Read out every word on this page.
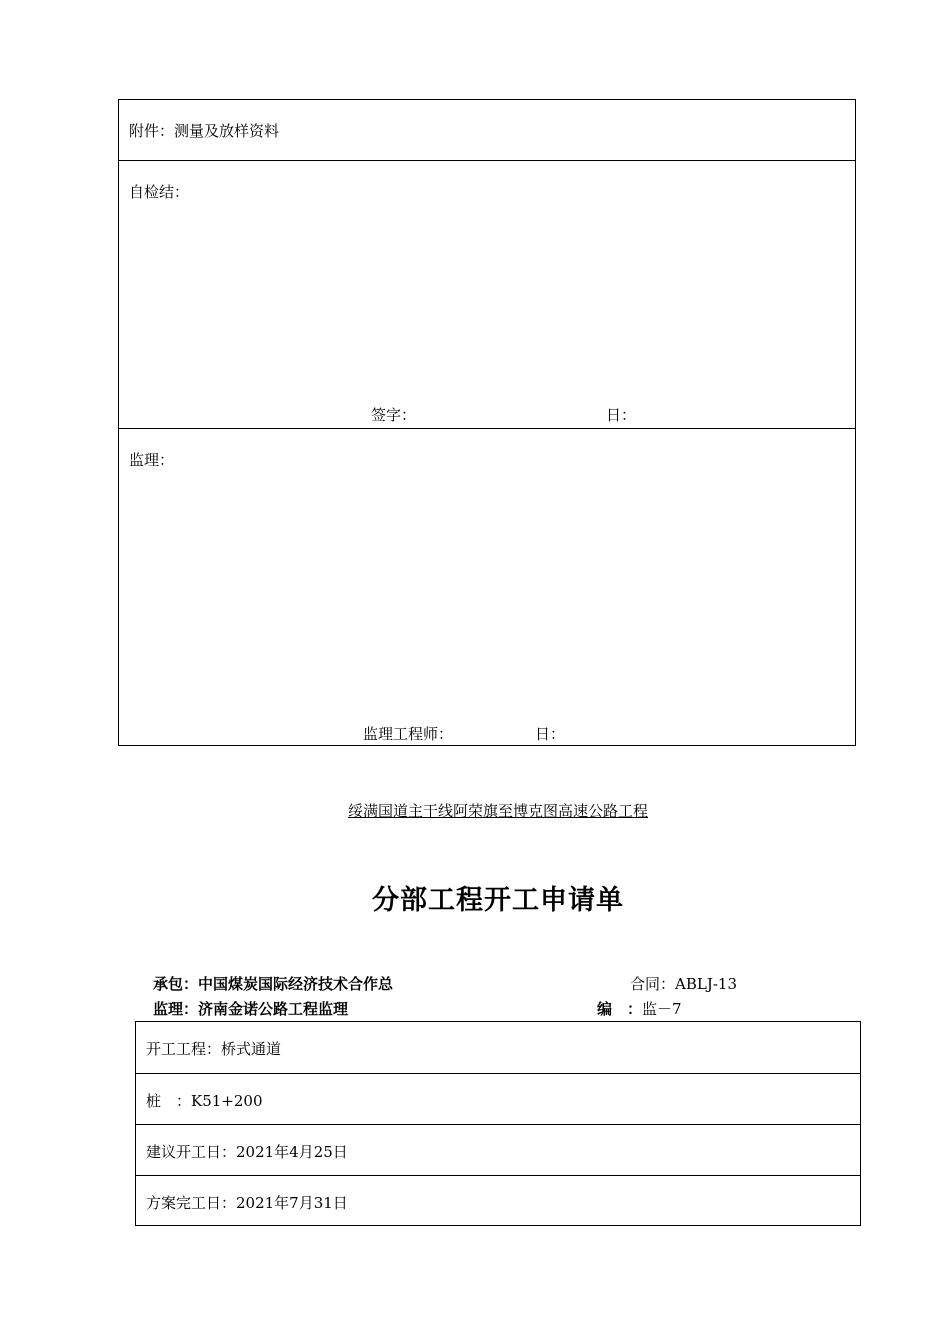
附件：测量及放样资料
自检结：
签字：	日：
监理：
监理工程师：	日：
绥满国道主干线阿荣旗至博克图高速公路工程
分部工程开工申请单
承包：中国煤炭国际经济技术合作总	合同：ABLJ-13
监理：济南金诺公路工程监理	编　：监－7
开工工程：桥式通道
桩　：K51+200
建议开工日：2021年4月25日
方案完工日：2021年7月31日
